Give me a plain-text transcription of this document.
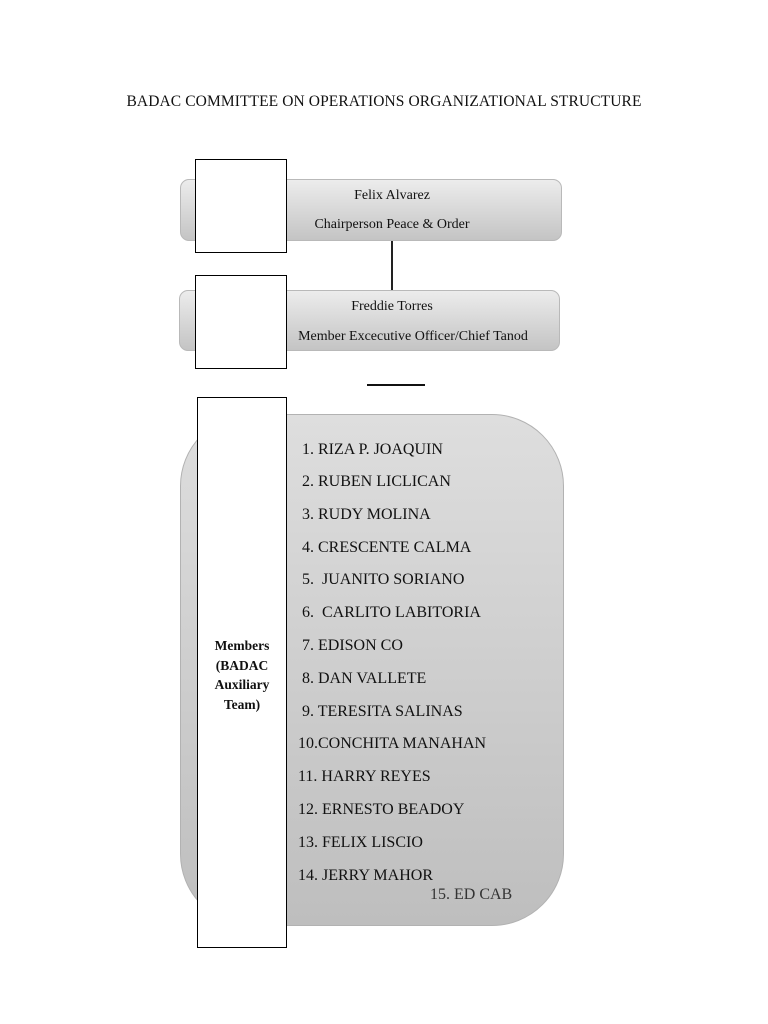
BADAC COMMITTEE ON OPERATIONS ORGANIZATIONAL STRUCTURE
Felix Alvarez
Chairperson Peace & Order
Freddie Torres
Member Excecutive Officer/Chief Tanod
1. RIZA P. JOAQUIN
2. RUBEN LICLICAN
3. RUDY MOLINA
4. CRESCENTE CALMA
5.  JUANITO SORIANO
6.  CARLITO LABITORIA
7. EDISON CO
8. DAN VALLETE
9. TERESITA SALINAS
10.CONCHITA MANAHAN
11. HARRY REYES
12. ERNESTO BEADOY
13. FELIX LISCIO
14. JERRY MAHOR
15. ED CAB
Members
(BADAC
Auxiliary
Team)
